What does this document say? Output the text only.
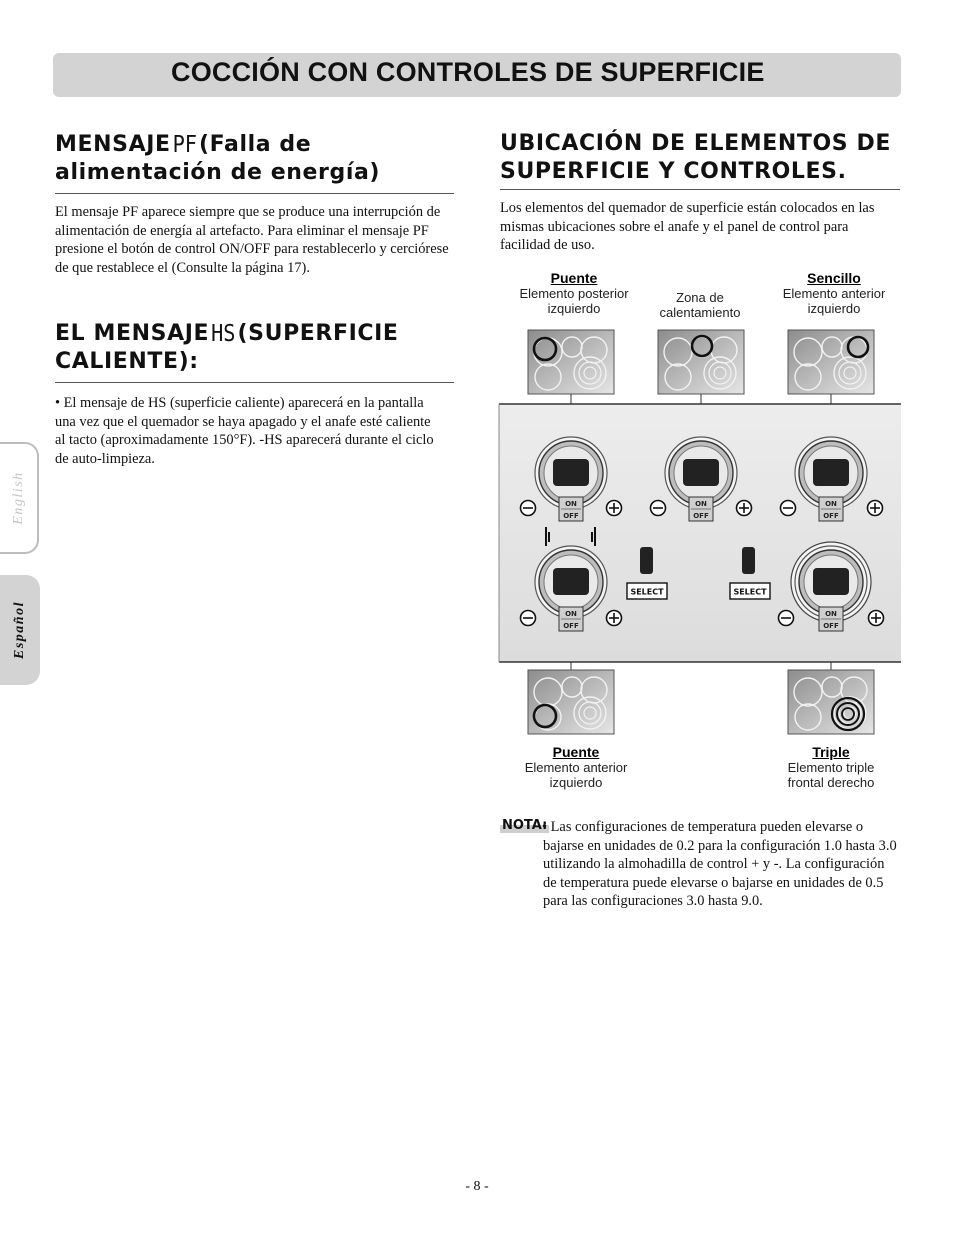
COCCIÓN CON CONTROLES DE SUPERFICIE
English
Español
MENSAJEPF(Falla de
alimentación de energía)

El mensaje PF aparece siempre que se produce una interrupción de alimentación de energía al artefacto. Para eliminar el mensaje PF presione el botón de control ON/OFF para restablecerlo y cerciórese de que restablece el (Consulte la página 17).

EL MENSAJEHS(SUPERFICIE
CALIENTE):

• El mensaje de HS (superficie caliente) aparecerá en la pantalla una vez que el quemador se haya apagado y el anafe esté caliente al tacto (aproximadamente 150°F). -HS aparecerá durante el ciclo de auto-limpieza.

UBICACIÓN DE ELEMENTOS DE
SUPERFICIE Y CONTROLES.

Los elementos del quemador de superficie están colocados en las mismas ubicaciones sobre el anafe y el panel de control para facilidad de uso.

Puente
Elemento posterior
izquierdo
Zona de
calentamiento
Sencillo
Elemento anterior
izquierdo
Puente
Elemento anterior
izquierdo
Triple
Elemento triple
frontal derecho
ON
OFF
ON
OFF
ON
OFF
ON
OFF
ON
OFF
SELECT	SELECT
NOTA:

• Las configuraciones de temperatura pueden elevarse o bajarse en unidades de 0.2 para la configuración 1.0 hasta 3.0 utilizando la almohadilla de control + y -. La configuración de temperatura puede elevarse o bajarse en unidades de 0.5 para las configuraciones 3.0 hasta 9.0.

- 8 -
